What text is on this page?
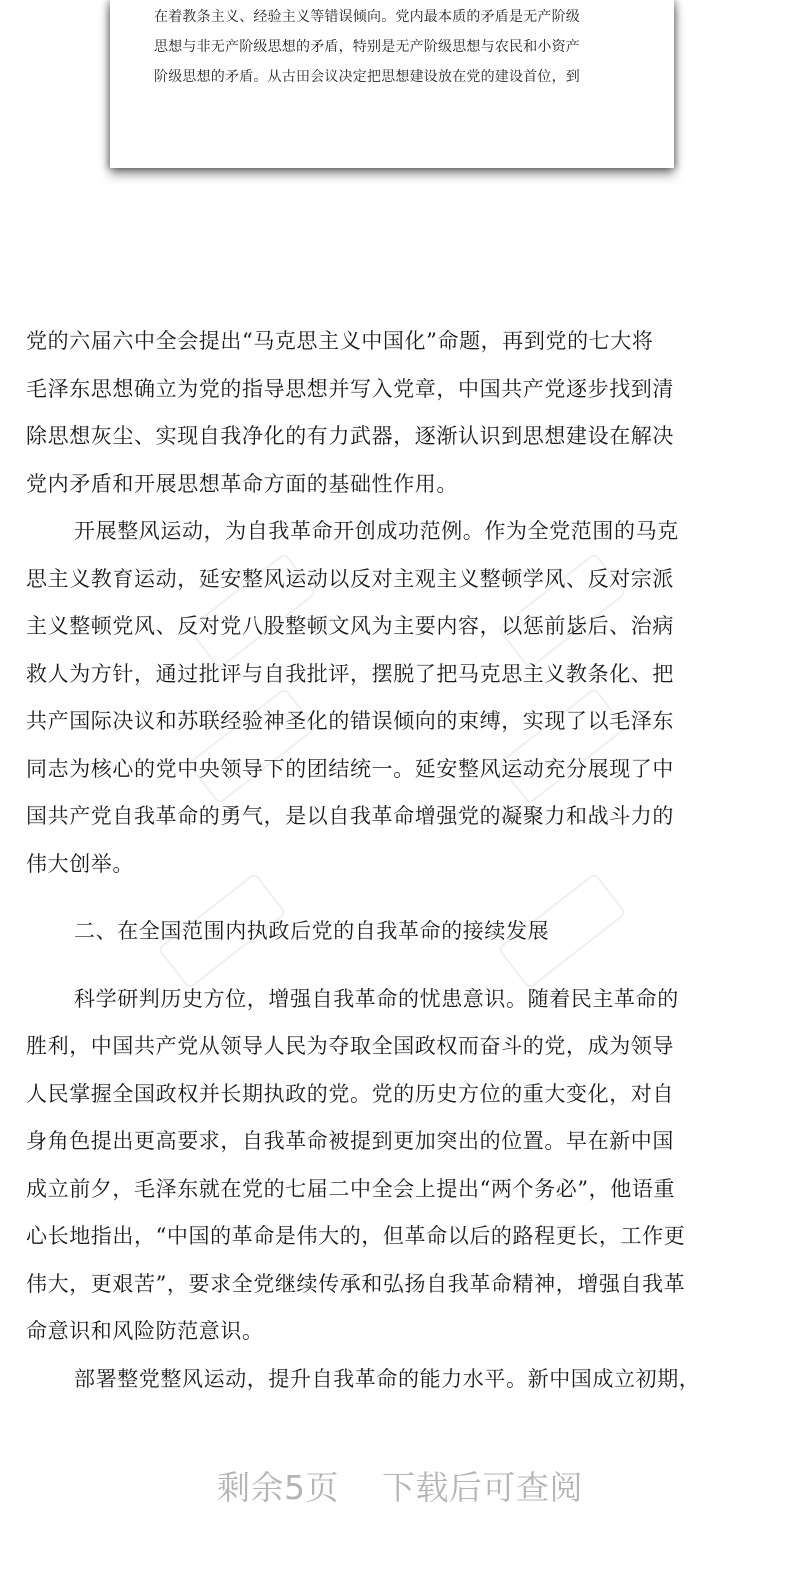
在着教条主义、经验主义等错误倾向。党内最本质的矛盾是无产阶级
思想与非无产阶级思想的矛盾，特别是无产阶级思想与农民和小资产
阶级思想的矛盾。从古田会议决定把思想建设放在党的建设首位，到
党的六届六中全会提出“马克思主义中国化”命题，再到党的七大将
毛泽东思想确立为党的指导思想并写入党章，中国共产党逐步找到清
除思想灰尘、实现自我净化的有力武器，逐渐认识到思想建设在解决
党内矛盾和开展思想革命方面的基础性作用。
开展整风运动，为自我革命开创成功范例。作为全党范围的马克
思主义教育运动，延安整风运动以反对主观主义整顿学风、反对宗派
主义整顿党风、反对党八股整顿文风为主要内容，以惩前毖后、治病
救人为方针，通过批评与自我批评，摆脱了把马克思主义教条化、把
共产国际决议和苏联经验神圣化的错误倾向的束缚，实现了以毛泽东
同志为核心的党中央领导下的团结统一。延安整风运动充分展现了中
国共产党自我革命的勇气，是以自我革命增强党的凝聚力和战斗力的
伟大创举。
二、在全国范围内执政后党的自我革命的接续发展
科学研判历史方位，增强自我革命的忧患意识。随着民主革命的
胜利，中国共产党从领导人民为夺取全国政权而奋斗的党，成为领导
人民掌握全国政权并长期执政的党。党的历史方位的重大变化，对自
身角色提出更高要求，自我革命被提到更加突出的位置。早在新中国
成立前夕，毛泽东就在党的七届二中全会上提出“两个务必”，他语重
心长地指出，“中国的革命是伟大的，但革命以后的路程更长，工作更
伟大，更艰苦”，要求全党继续传承和弘扬自我革命精神，增强自我革
命意识和风险防范意识。
部署整党整风运动，提升自我革命的能力水平。新中国成立初期，
剩余5页 下载后可查阅
